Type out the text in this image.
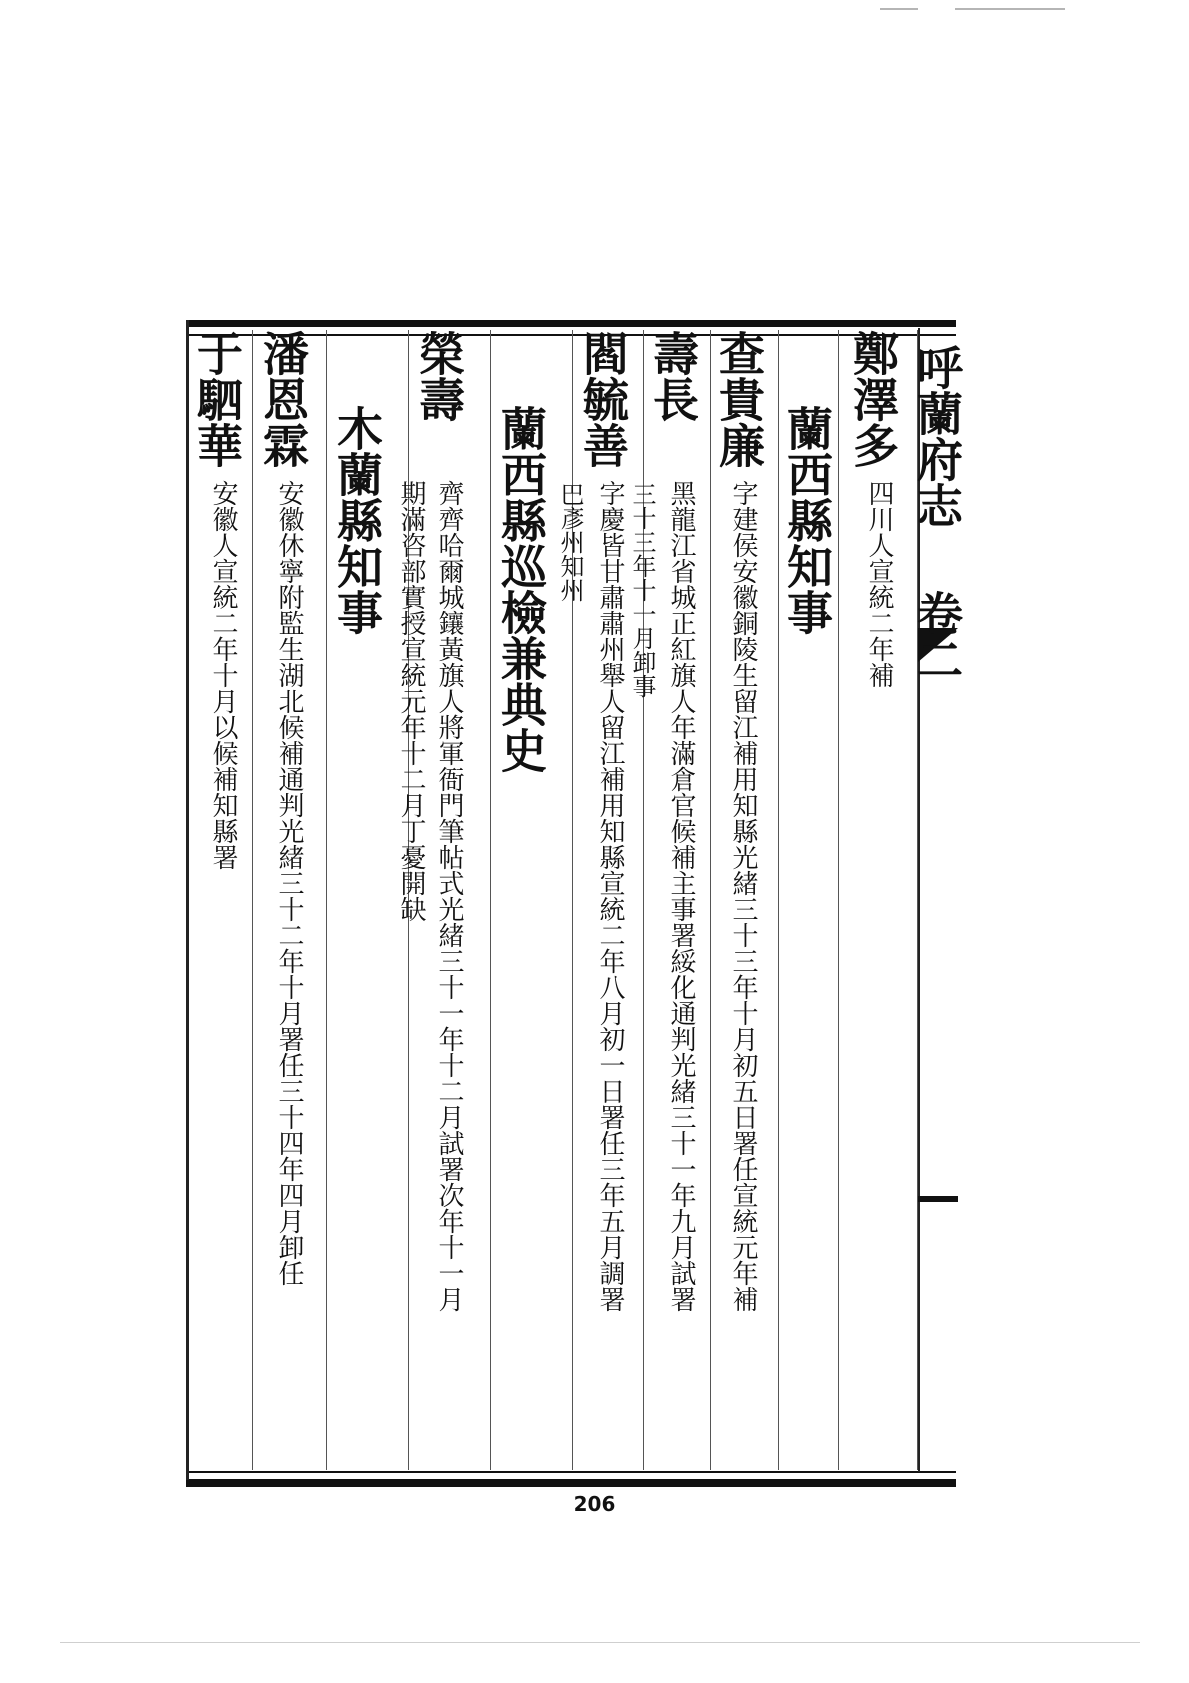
呼蘭府志
卷二
鄭澤多
四川人宣統二年補
蘭西縣知事
查貴廉
字建侯安徽銅陵生留江補用知縣光緒三十三年十月初五日署任宣統元年補
壽長
黑龍江省城正紅旗人年滿倉官候補主事署綏化通判光緒三十一年九月試署
三十三年十一月卸事
閻毓善
字慶皆甘肅肅州舉人留江補用知縣宣統二年八月初一日署任三年五月調署
巴彥州知州
蘭西縣巡檢兼典史
榮壽
齊齊哈爾城鑲黃旗人將軍衙門筆帖式光緒三十一年十二月試署次年十一月
期滿咨部實授宣統元年十二月丁憂開缺
木蘭縣知事
潘恩霖
安徽休寧附監生湖北候補通判光緒三十二年十月署任三十四年四月卸任
于駟華
安徽人宣統二年十月以候補知縣署
206
